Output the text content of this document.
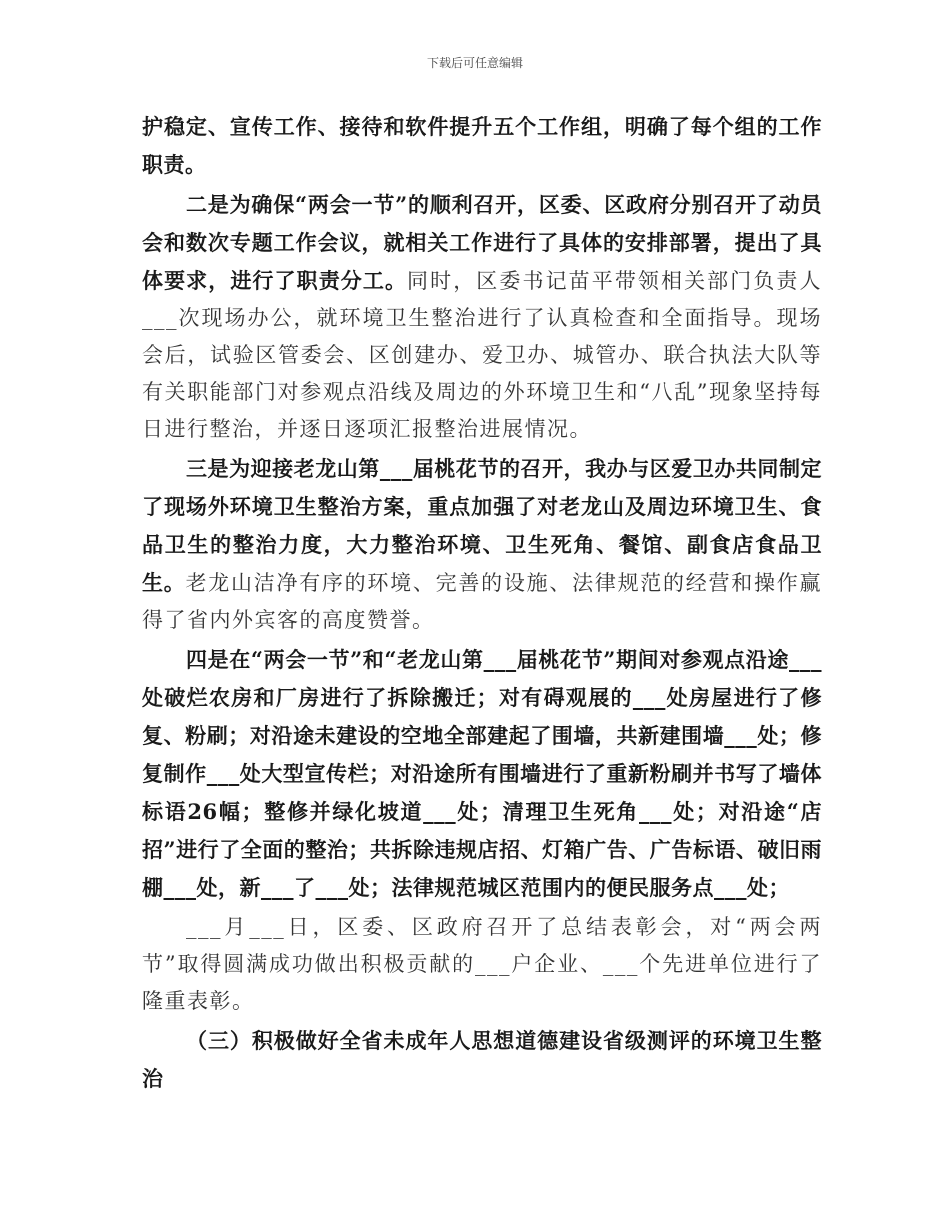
下载后可任意编辑

护稳定、宣传工作、接待和软件提升五个工作组，明确了每个组的工作职责。

二是为确保“两会一节”的顺利召开，区委、区政府分别召开了动员会和数次专题工作会议，就相关工作进行了具体的安排部署，提出了具体要求，进行了职责分工。同时，区委书记苗平带领相关部门负责人___次现场办公，就环境卫生整治进行了认真检查和全面指导。现场会后，试验区管委会、区创建办、爱卫办、城管办、联合执法大队等有关职能部门对参观点沿线及周边的外环境卫生和“八乱”现象坚持每日进行整治，并逐日逐项汇报整治进展情况。

三是为迎接老龙山第___届桃花节的召开，我办与区爱卫办共同制定了现场外环境卫生整治方案，重点加强了对老龙山及周边环境卫生、食品卫生的整治力度，大力整治环境、卫生死角、餐馆、副食店食品卫生。老龙山洁净有序的环境、完善的设施、法律规范的经营和操作赢得了省内外宾客的高度赞誉。

四是在“两会一节”和“老龙山第___届桃花节”期间对参观点沿途___处破烂农房和厂房进行了拆除搬迁；对有碍观展的___处房屋进行了修复、粉刷；对沿途未建设的空地全部建起了围墙，共新建围墙___处；修复制作___处大型宣传栏；对沿途所有围墙进行了重新粉刷并书写了墙体标语26幅；整修并绿化坡道___处；清理卫生死角___处；对沿途“店招”进行了全面的整治；共拆除违规店招、灯箱广告、广告标语、破旧雨棚___处，新___了___处；法律规范城区范围内的便民服务点___处；

___月___日，区委、区政府召开了总结表彰会，对“两会两节”取得圆满成功做出积极贡献的___户企业、___个先进单位进行了隆重表彰。

（三）积极做好全省未成年人思想道德建设省级测评的环境卫生整治
